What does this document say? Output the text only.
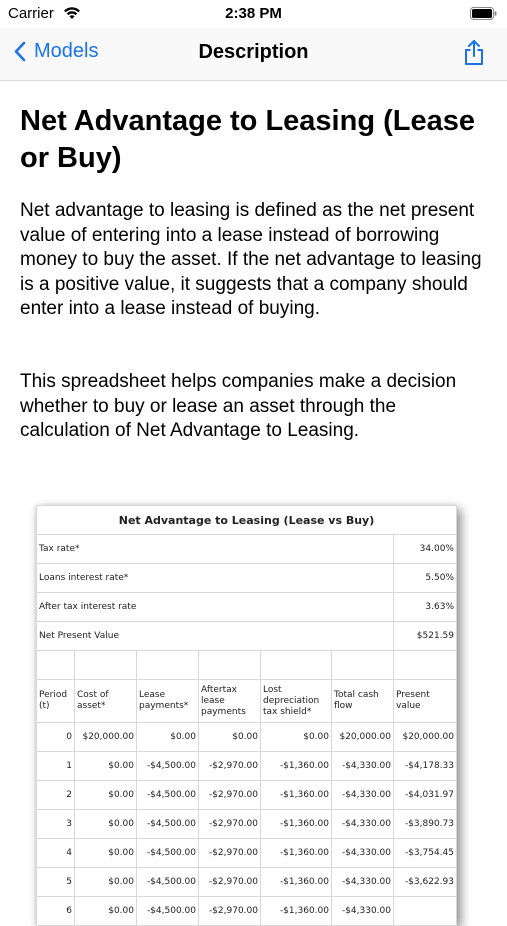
Carrier	2:38 PM
Models	Description
Net Advantage to Leasing (Lease or Buy)

Net advantage to leasing is defined as the net present value of entering into a lease instead of borrowing money to buy the asset. If the net advantage to leasing is a positive value, it suggests that a company should enter into a lease instead of buying.

This spreadsheet helps companies make a decision whether to buy or lease an asset through the calculation of Net Advantage to Leasing.

Net Advantage to Leasing (Lease vs Buy)						
Tax rate*						34.00%
Loans interest rate*						5.50%
After tax interest rate						3.63%
Net Present Value						$521.59

Period (t)	Cost of asset*	Lease payments*	Aftertax lease payments	Lost depreciation tax shield*	Total cash flow	Present value
0	$20,000.00	$0.00	$0.00	$0.00	$20,000.00	$20,000.00
1	$0.00	-$4,500.00	-$2,970.00	-$1,360.00	-$4,330.00	-$4,178.33
2	$0.00	-$4,500.00	-$2,970.00	-$1,360.00	-$4,330.00	-$4,031.97
3	$0.00	-$4,500.00	-$2,970.00	-$1,360.00	-$4,330.00	-$3,890.73
4	$0.00	-$4,500.00	-$2,970.00	-$1,360.00	-$4,330.00	-$3,754.45
5	$0.00	-$4,500.00	-$2,970.00	-$1,360.00	-$4,330.00	-$3,622.93
6	$0.00	-$4,500.00	-$2,970.00	-$1,360.00	-$4,330.00	
